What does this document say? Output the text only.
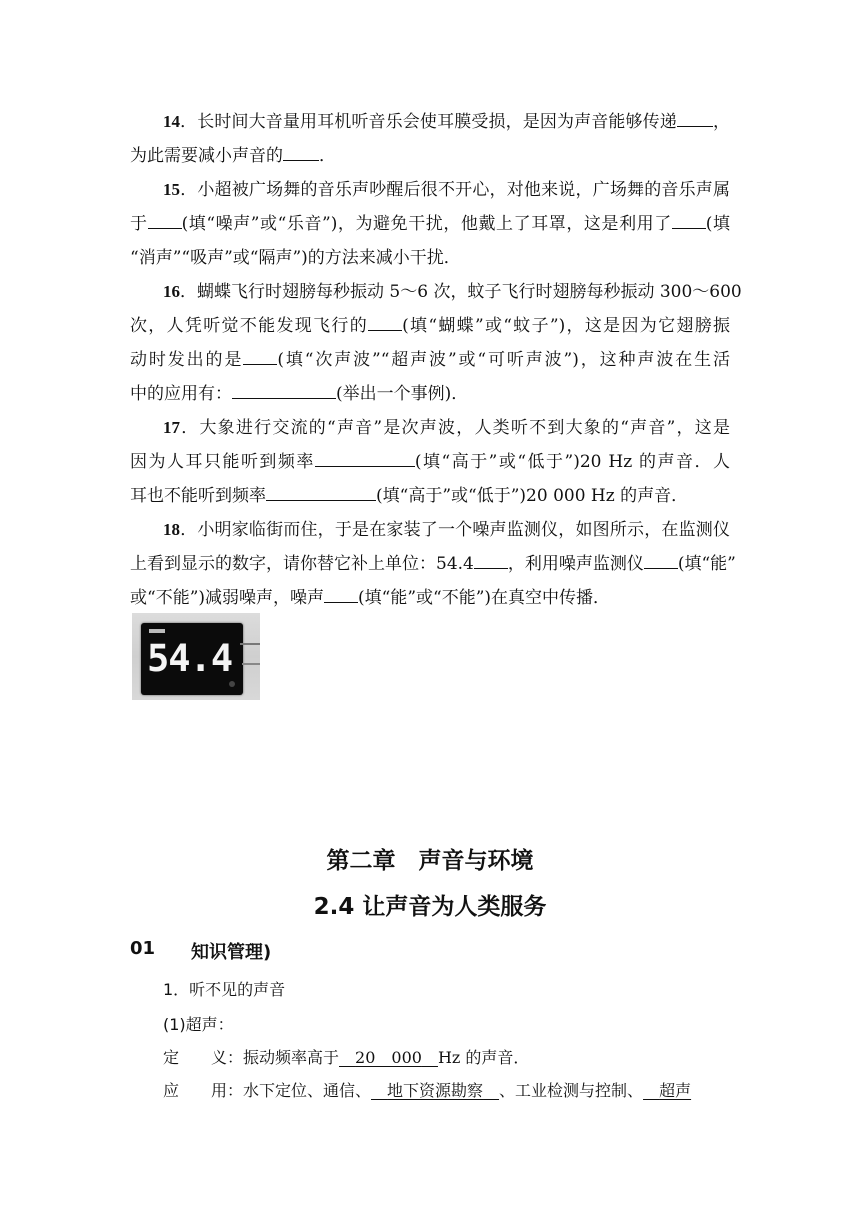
14．长时间大音量用耳机听音乐会使耳膜受损，是因为声音能够传递 ，
为此需要减小声音的 ．
15．小超被广场舞的音乐声吵醒后很不开心，对他来说，广场舞的音乐声属
于 (填“噪声”或“乐音”)，为避免干扰，他戴上了耳罩，这是利用了 (填
“消声”“吸声”或“隔声”)的方法来减小干扰．
16．蝴蝶飞行时翅膀每秒振动 5～6 次，蚊子飞行时翅膀每秒振动 300～600
次，人凭听觉不能发现飞行的 (填“蝴蝶”或“蚊子”)，这是因为它翅膀振
动时发出的是 (填“次声波”“超声波”或“可听声波”)，这种声波在生活
中的应用有：	(举出一个事例)．
17．大象进行交流的“声音”是次声波，人类听不到大象的“声音”，这是
因为人耳只能听到频率	(填“高于”或“低于”)20 Hz 的声音．人
耳也不能听到频率	(填“高于”或“低于”)20 000 Hz 的声音．
18．小明家临街而住，于是在家装了一个噪声监测仪，如图所示，在监测仪
上看到显示的数字，请你替它补上单位：54.4 ，利用噪声监测仪 (填“能”
或“不能”)减弱噪声，噪声 (填“能”或“不能”)在真空中传播．
54.4
第二章　声音与环境
2.4 让声音为人类服务
01 知识管理)
1．听不见的声音
(1)超声：
定　　义：振动频率高于__20　000__Hz 的声音．
应　　用：水下定位、通信、__地下资源勘察__、工业检测与控制、__超声
